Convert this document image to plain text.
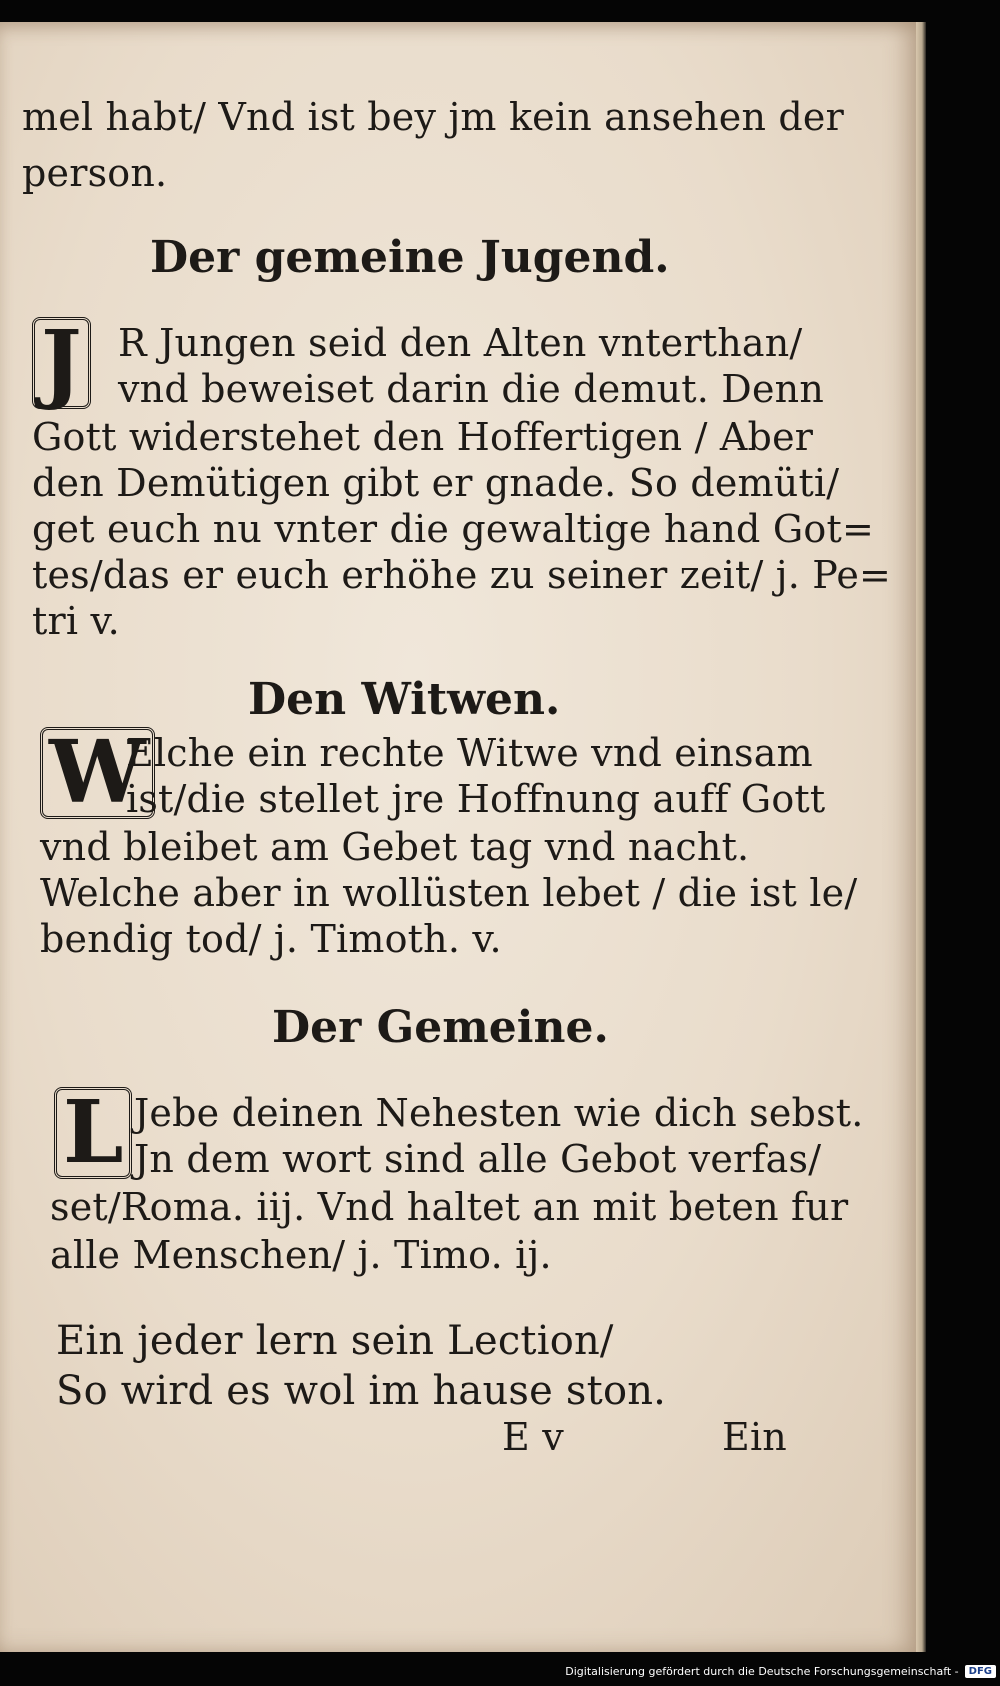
mel habt/ Vnd ist bey jm kein ansehen der
person.
Der gemeine Jugend.
J R Jungen seid den Alten vnterthan/
vnd beweiset darin die demut. Denn
Gott widerstehet den Hoffertigen / Aber
den Demütigen gibt er gnade. So demüti/
get euch nu vnter die gewaltige hand Got=
tes/das er euch erhöhe zu seiner zeit/ j. Pe=
tri v.
Den Witwen.
W
Elche ein rechte Witwe vnd einsam
ist/die stellet jre Hoffnung auff Gott
vnd bleibet am Gebet tag vnd nacht.
Welche aber in wollüsten lebet / die ist le/
bendig tod/ j. Timoth. v.
Der Gemeine.
L Jebe deinen Nehesten wie dich sebst.
Jn dem wort sind alle Gebot verfas/
set/Roma. iij. Vnd haltet an mit beten fur
alle Menschen/ j. Timo. ij.
Ein jeder lern sein Lection/
So wird es wol im hause ston.
E v	Ein
Digitalisierung gefördert durch die Deutsche Forschungsgemeinschaft -	DFG
